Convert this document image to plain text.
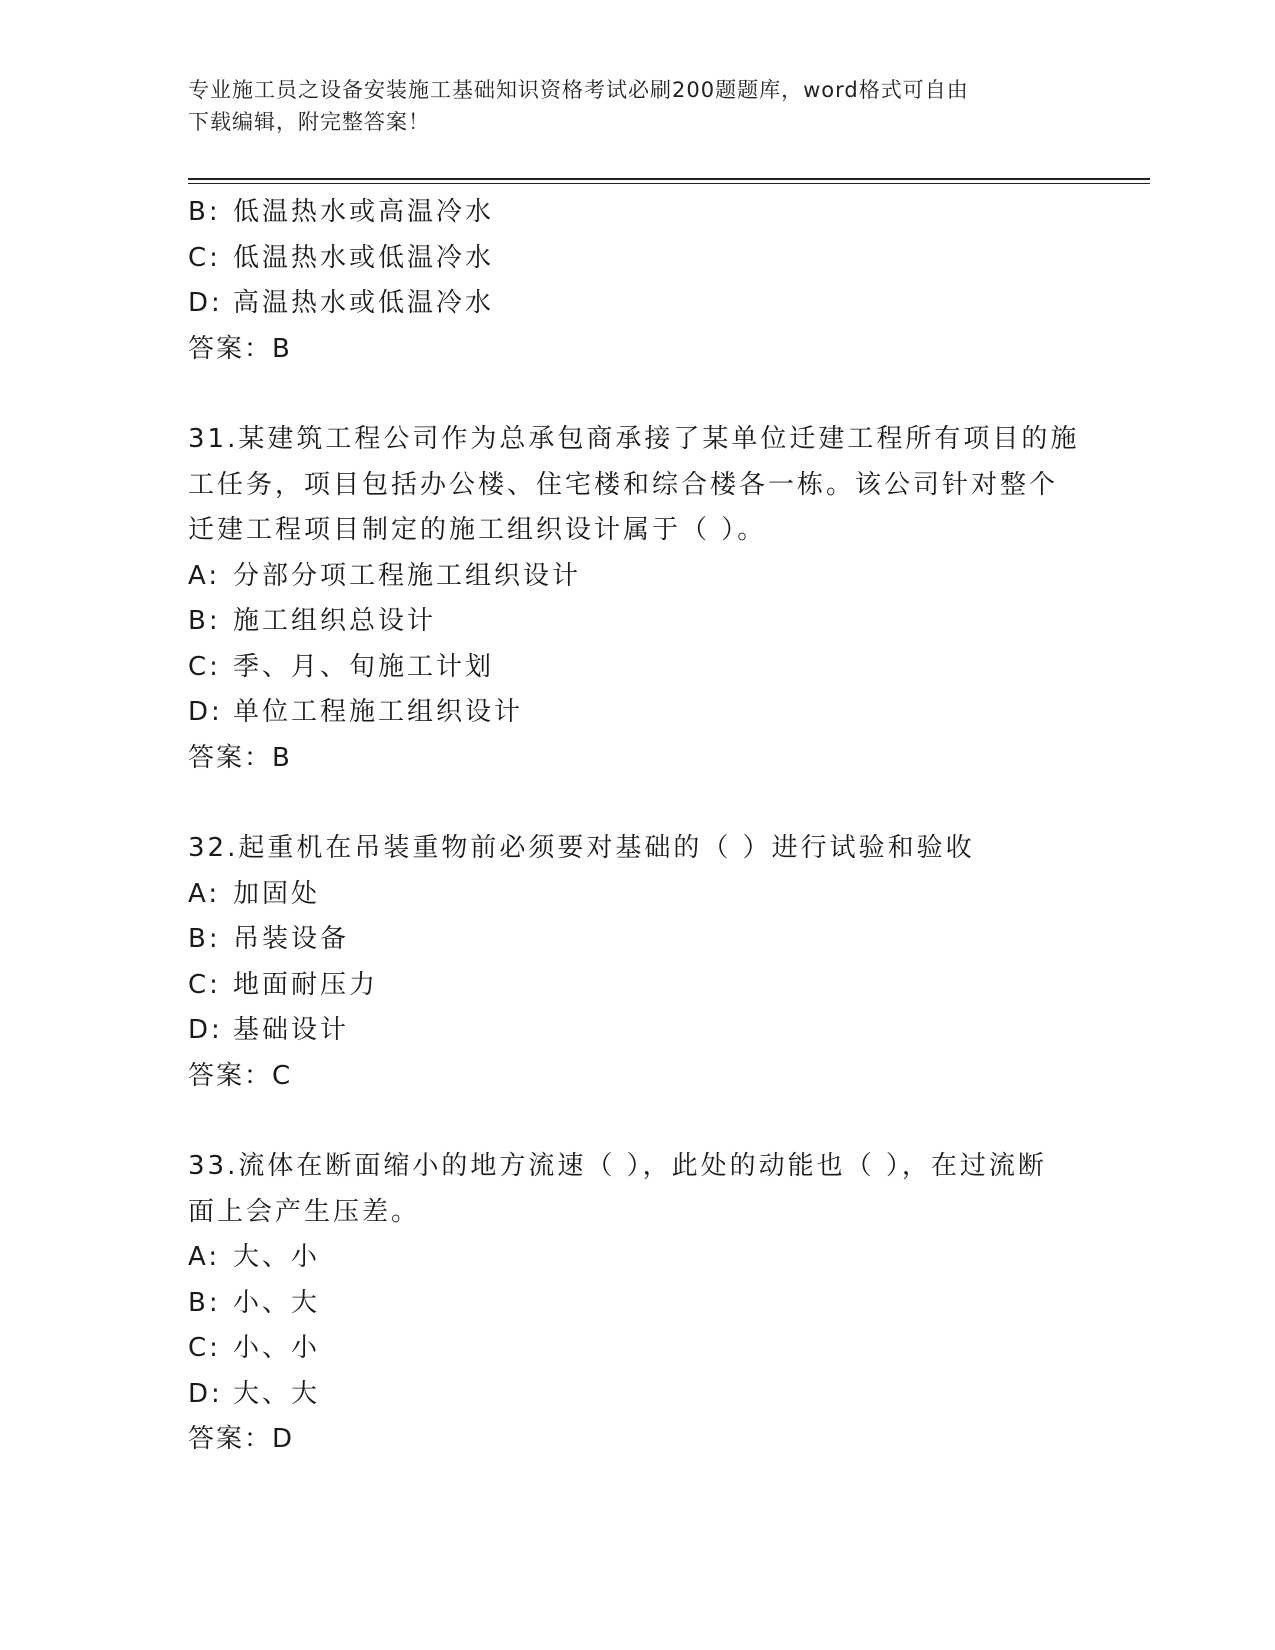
专业施工员之设备安装施工基础知识资格考试必刷200题题库，word格式可自由
下载编辑，附完整答案！
B: 低温热水或高温冷水
C: 低温热水或低温冷水
D: 高温热水或低温冷水
答案：B
31.某建筑工程公司作为总承包商承接了某单位迁建工程所有项目的施
工任务，项目包括办公楼、住宅楼和综合楼各一栋。该公司针对整个
迁建工程项目制定的施工组织设计属于（ ）。
A: 分部分项工程施工组织设计
B: 施工组织总设计
C: 季、月、旬施工计划
D: 单位工程施工组织设计
答案：B
32.起重机在吊装重物前必须要对基础的（ ）进行试验和验收
A: 加固处
B: 吊装设备
C: 地面耐压力
D: 基础设计
答案：C
33.流体在断面缩小的地方流速（ ），此处的动能也（ ），在过流断
面上会产生压差。
A: 大、小
B: 小、大
C: 小、小
D: 大、大
答案：D
